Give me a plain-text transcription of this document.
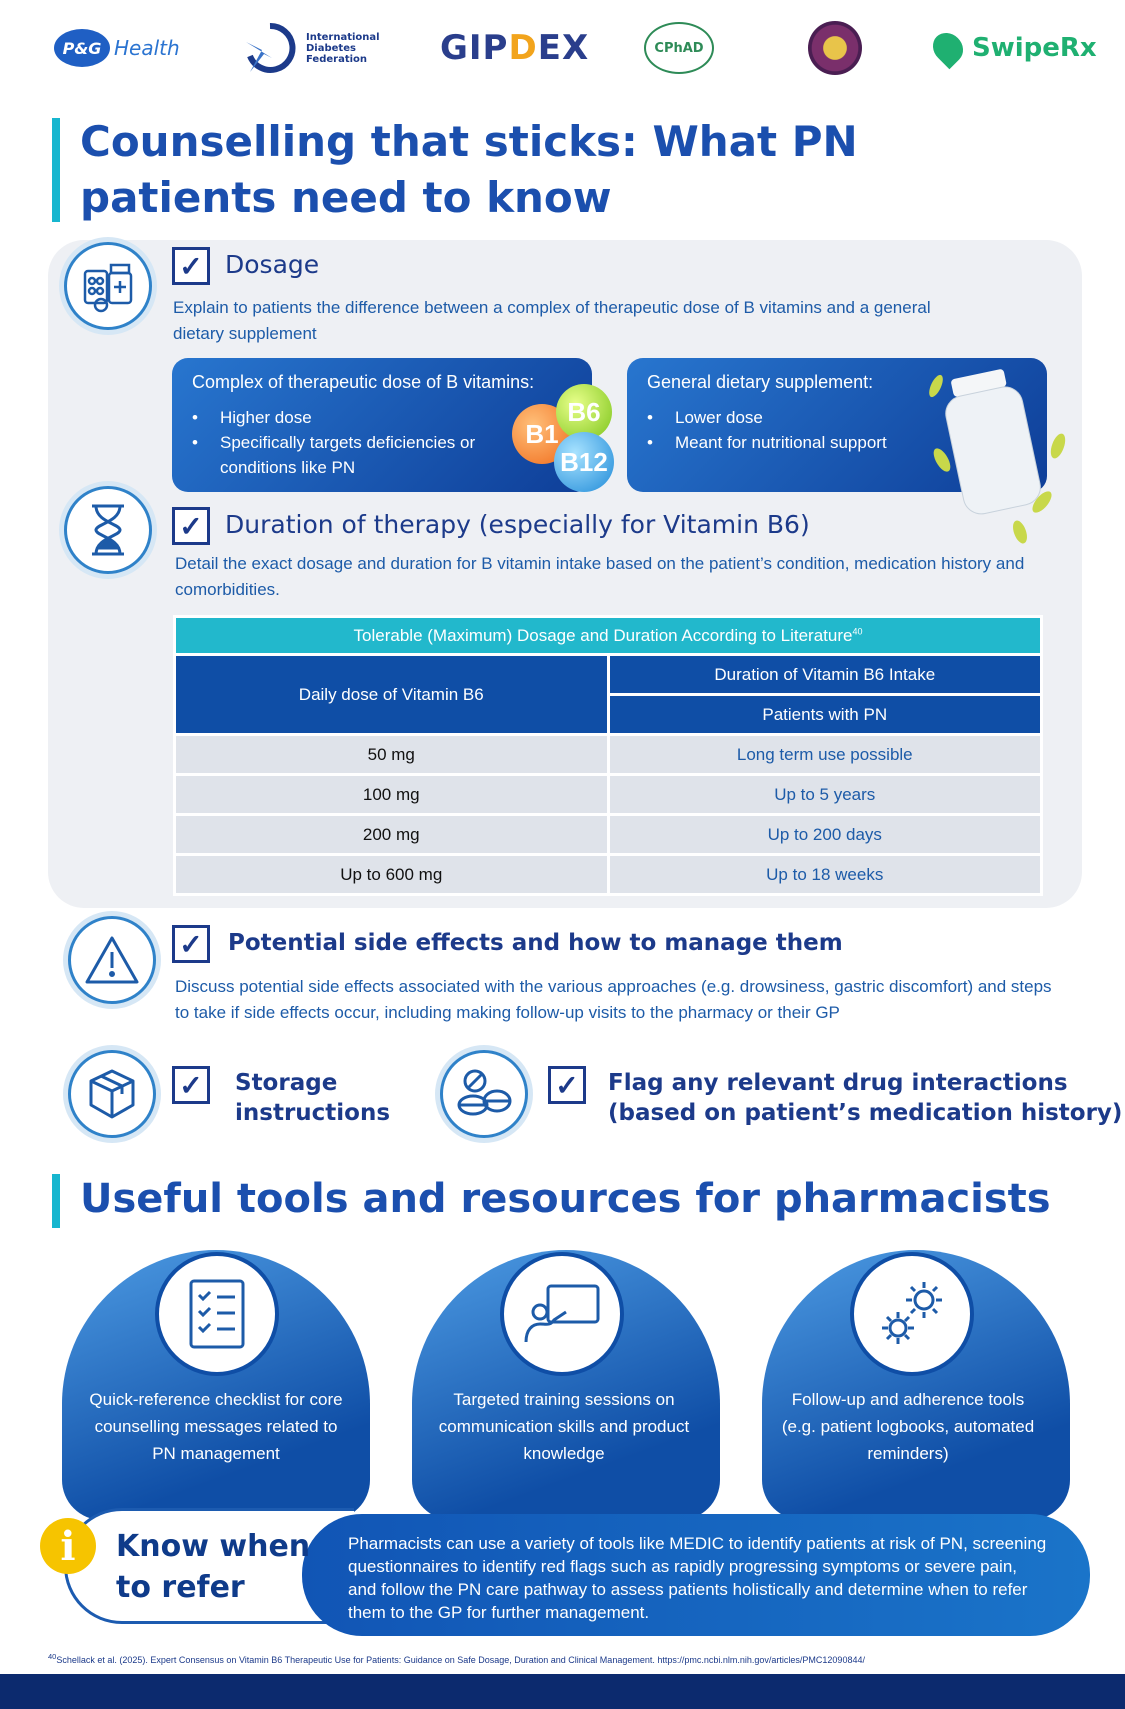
P&G Health	International
Diabetes
Federation	GIP D EX	CPhAD	SwipeRx
Counselling that sticks: What PN
patients need to know
✓ Dosage
Explain to patients the difference between a complex of therapeutic dose of B vitamins and a general dietary supplement
Complex of therapeutic dose of B vitamins:
• Higher dose
• Specifically targets deficiencies or conditions like PN
B1
B6
B12
General dietary supplement:
• Lower dose
• Meant for nutritional support
✓ Duration of therapy (especially for Vitamin B6)
Detail the exact dosage and duration for B vitamin intake based on the patient’s condition, medication history and comorbidities.
Tolerable (Maximum) Dosage and Duration According to Literature$^{40}$
Daily dose of Vitamin B6	Duration of Vitamin B6 Intake
	Patients with PN
50 mg	Long term use possible
100 mg	Up to 5 years
200 mg	Up to 200 days
Up to 600 mg	Up to 18 weeks
✓	Potential side effects and how to manage them
Discuss potential side effects associated with the various approaches (e.g. drowsiness, gastric discomfort) and steps to take if side effects occur, including making follow-up visits to the pharmacy or their GP
✓	Storage
instructions
✓	Flag any relevant drug interactions
(based on patient’s medication history)
Useful tools and resources for pharmacists
Quick-reference checklist for core counselling messages related to PN management
Targeted training sessions on communication skills and product knowledge
Follow-up and adherence tools (e.g. patient logbooks, automated reminders)
Pharmacists can use a variety of tools like MEDIC to identify patients at risk of PN, screening questionnaires to identify red flags such as rapidly progressing symptoms or severe pain, and follow the PN care pathway to assess patients holistically and determine when to refer them to the GP for further management.
i	Know when
to refer
$^{40}$Schellack et al. (2025). Expert Consensus on Vitamin B6 Therapeutic Use for Patients: Guidance on Safe Dosage, Duration and Clinical Management. https://pmc.ncbi.nlm.nih.gov/articles/PMC12090844/
